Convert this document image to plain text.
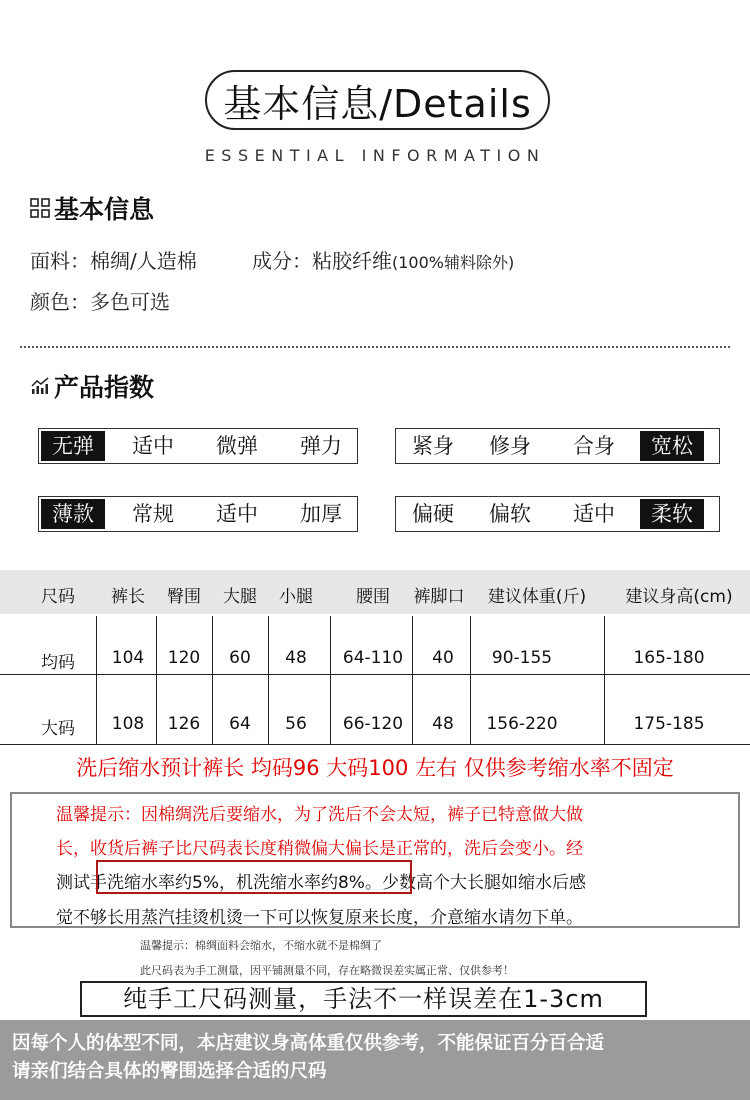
基本信息/Details
ESSENTIAL INFORMATION
基本信息
面料：棉绸/人造棉	成分：粘胶纤维(100%辅料除外)
颜色：多色可选
产品指数
无弹	适中	微弹	弹力	紧身	修身	合身	宽松
薄款	常规	适中	加厚	偏硬	偏软	适中	柔软
尺码	裤长	臀围	大腿	小腿	腰围	裤脚口	建议体重(斤)	建议身高(cm)
均码	104	120	60	48	64-110	40	90-155	165-180
大码	108	126	64	56	66-120	48	156-220	175-185
洗后缩水预计裤长 均码96 大码100 左右 仅供参考缩水率不固定
温馨提示：因棉绸洗后要缩水，为了洗后不会太短，裤子已特意做大做
长，收货后裤子比尺码表长度稍微偏大偏长是正常的，洗后会变小。经
测试手洗缩水率约5%，机洗缩水率约8%。少数高个大长腿如缩水后感
觉不够长用蒸汽挂烫机烫一下可以恢复原来长度，介意缩水请勿下单。
温馨提示：棉绸面料会缩水，不缩水就不是棉绸了
此尺码表为手工测量，因平铺测量不同，存在略微误差实属正常、仅供参考！
纯手工尺码测量，手法不一样误差在1-3cm
因每个人的体型不同，本店建议身高体重仅供参考，不能保证百分百合适
请亲们结合具体的臀围选择合适的尺码
